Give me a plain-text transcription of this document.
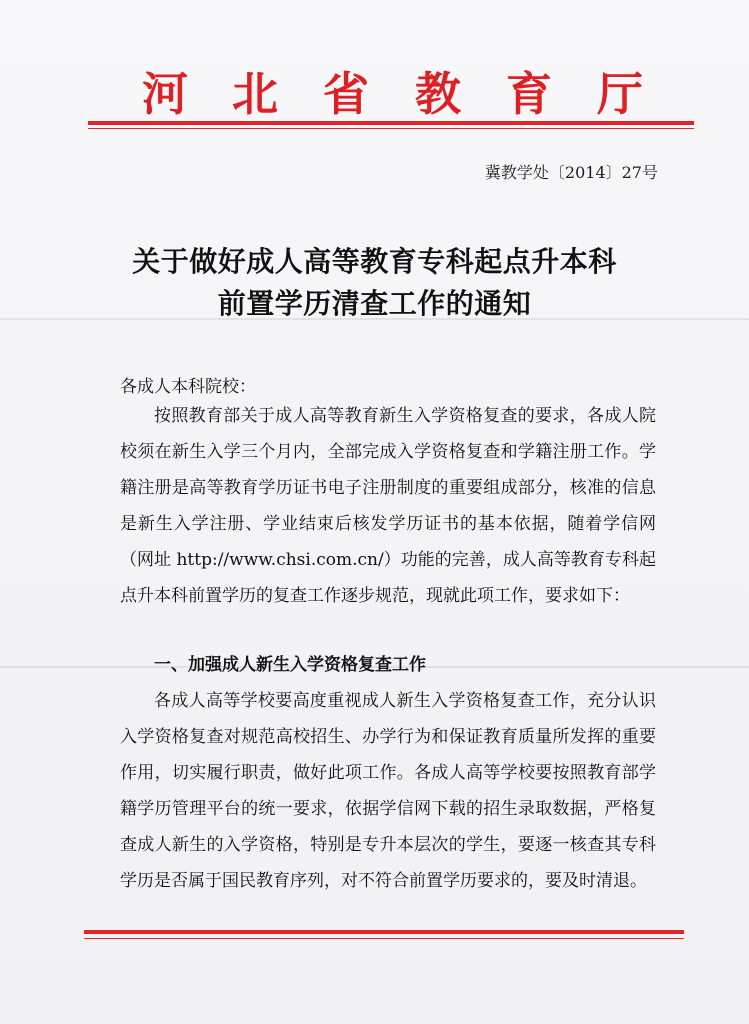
河 北 省 教 育 厅
冀教学处〔2014〕27号
关于做好成人高等教育专科起点升本科
前置学历清查工作的通知
各成人本科院校：
按照教育部关于成人高等教育新生入学资格复查的要求，各成人院校须在新生入学三个月内，全部完成入学资格复查和学籍注册工作。学籍注册是高等教育学历证书电子注册制度的重要组成部分，核准的信息是新生入学注册、学业结束后核发学历证书的基本依据，随着学信网（网址 http://www.chsi.com.cn/）功能的完善，成人高等教育专科起点升本科前置学历的复查工作逐步规范，现就此项工作，要求如下：
一、加强成人新生入学资格复查工作
各成人高等学校要高度重视成人新生入学资格复查工作，充分认识入学资格复查对规范高校招生、办学行为和保证教育质量所发挥的重要作用，切实履行职责，做好此项工作。各成人高等学校要按照教育部学籍学历管理平台的统一要求，依据学信网下载的招生录取数据，严格复查成人新生的入学资格，特别是专升本层次的学生，要逐一核查其专科学历是否属于国民教育序列，对不符合前置学历要求的，要及时清退。
